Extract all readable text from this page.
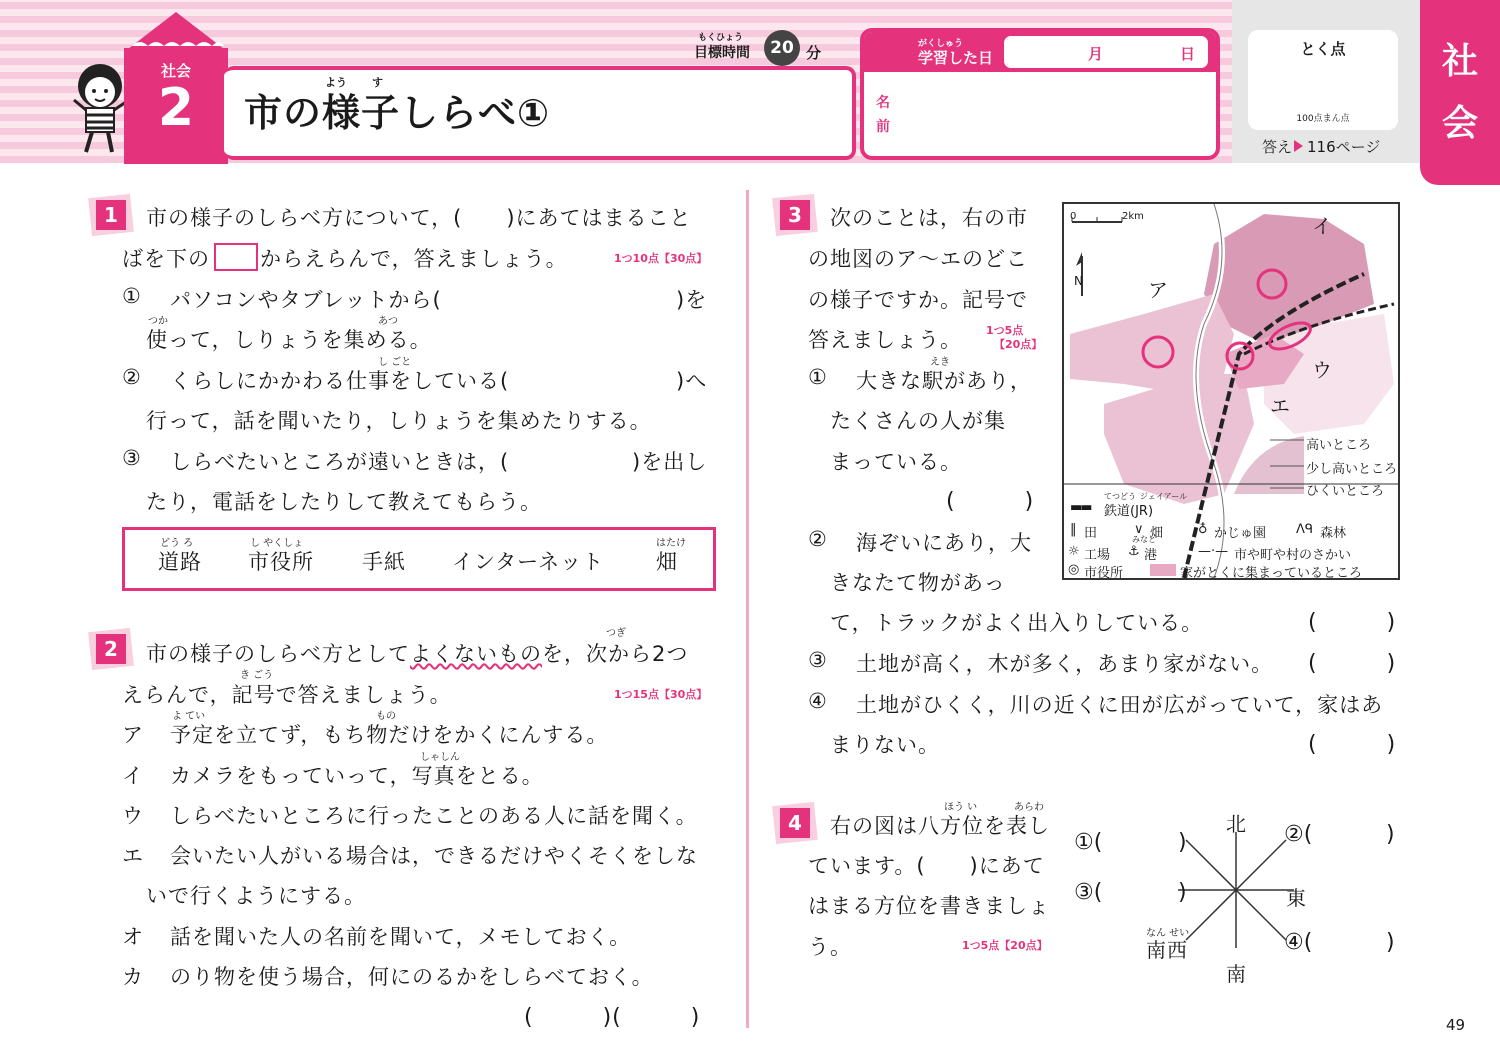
社
会
社会
2	よう す
市の様子しらべ①
もくひょう
目標時間	20 分	がくしゅう
学習した日	月	日
名
前
とく点
100点まん点
答え 116ページ
1	市の様子のしらべ方について，(　　)にあてはまること
ばを下の からえらんで，答えましょう。	1つ10点【30点】
① パソコンやタブレットから(	)を
つか	あつ
使って，しりょうを集める。
し ごと
② くらしにかかわる仕事をしている(	)へ
行って，話を聞いたり，しりょうを集めたりする。
③ しらべたいところが遠いときは，(	)を出し
たり，電話をしたりして教えてもらう。
どう ろ	し やくしょ	はたけ
道路 市役所 手紙 インターネット 畑
2
つぎ
市の様子のしらべ方としてよくないものを，次から2つ
き ごう
えらんで，記号で答えましょう。	1つ15点【30点】
よ てい	もの
ア 予定を立てず，もち物だけをかくにんする。
しゃしん
イ カメラをもっていって，写真をとる。
ウ しらべたいところに行ったことのある人に話を聞く。
エ 会いたい人がいる場合は，できるだけやくそくをしな
いで行くようにする。
オ 話を聞いた人の名前を聞いて，メモしておく。
カ のり物を使う場合，何にのるかをしらべておく。
(　　　)(　　　)
3	次のことは，右の市
の地図のア～エのどこ
の様子ですか。記号で
答えましょう。 1つ5点
【20点】
えき
① 大きな駅があり，
たくさんの人が集
まっている。
(　　　)
② 海ぞいにあり，大
きなたて物があっ
て，トラックがよく出入りしている。	(　　　)
③ 土地が高く，木が多く，あまり家がない。 (　　　)
④ 土地がひくく，川の近くに田が広がっていて，家はあ
まりない。	(　　　)
0	2km
N	ア
イ
ウ
エ
高いところ
少し高いところ
ひくいところ
てつどう ジェイアール
▬▬ 鉄道(JR)
‖ 田	∨ 畑	♁ かじゅ園 ᐱᑫ 森林
みなと
☼ 工場 ⚓ 港	—·— 市や町や村のさかい
◎ 市役所	家がとくに集まっているところ
4
ほう い	あらわ
右の図は八方位を表し
ています。(　　)にあて
はまる方位を書きましょ
う。	1つ5点【20点】
北
東
南
なん せい
南西
①(	)	②(	)
③(	)
④(	)
49
